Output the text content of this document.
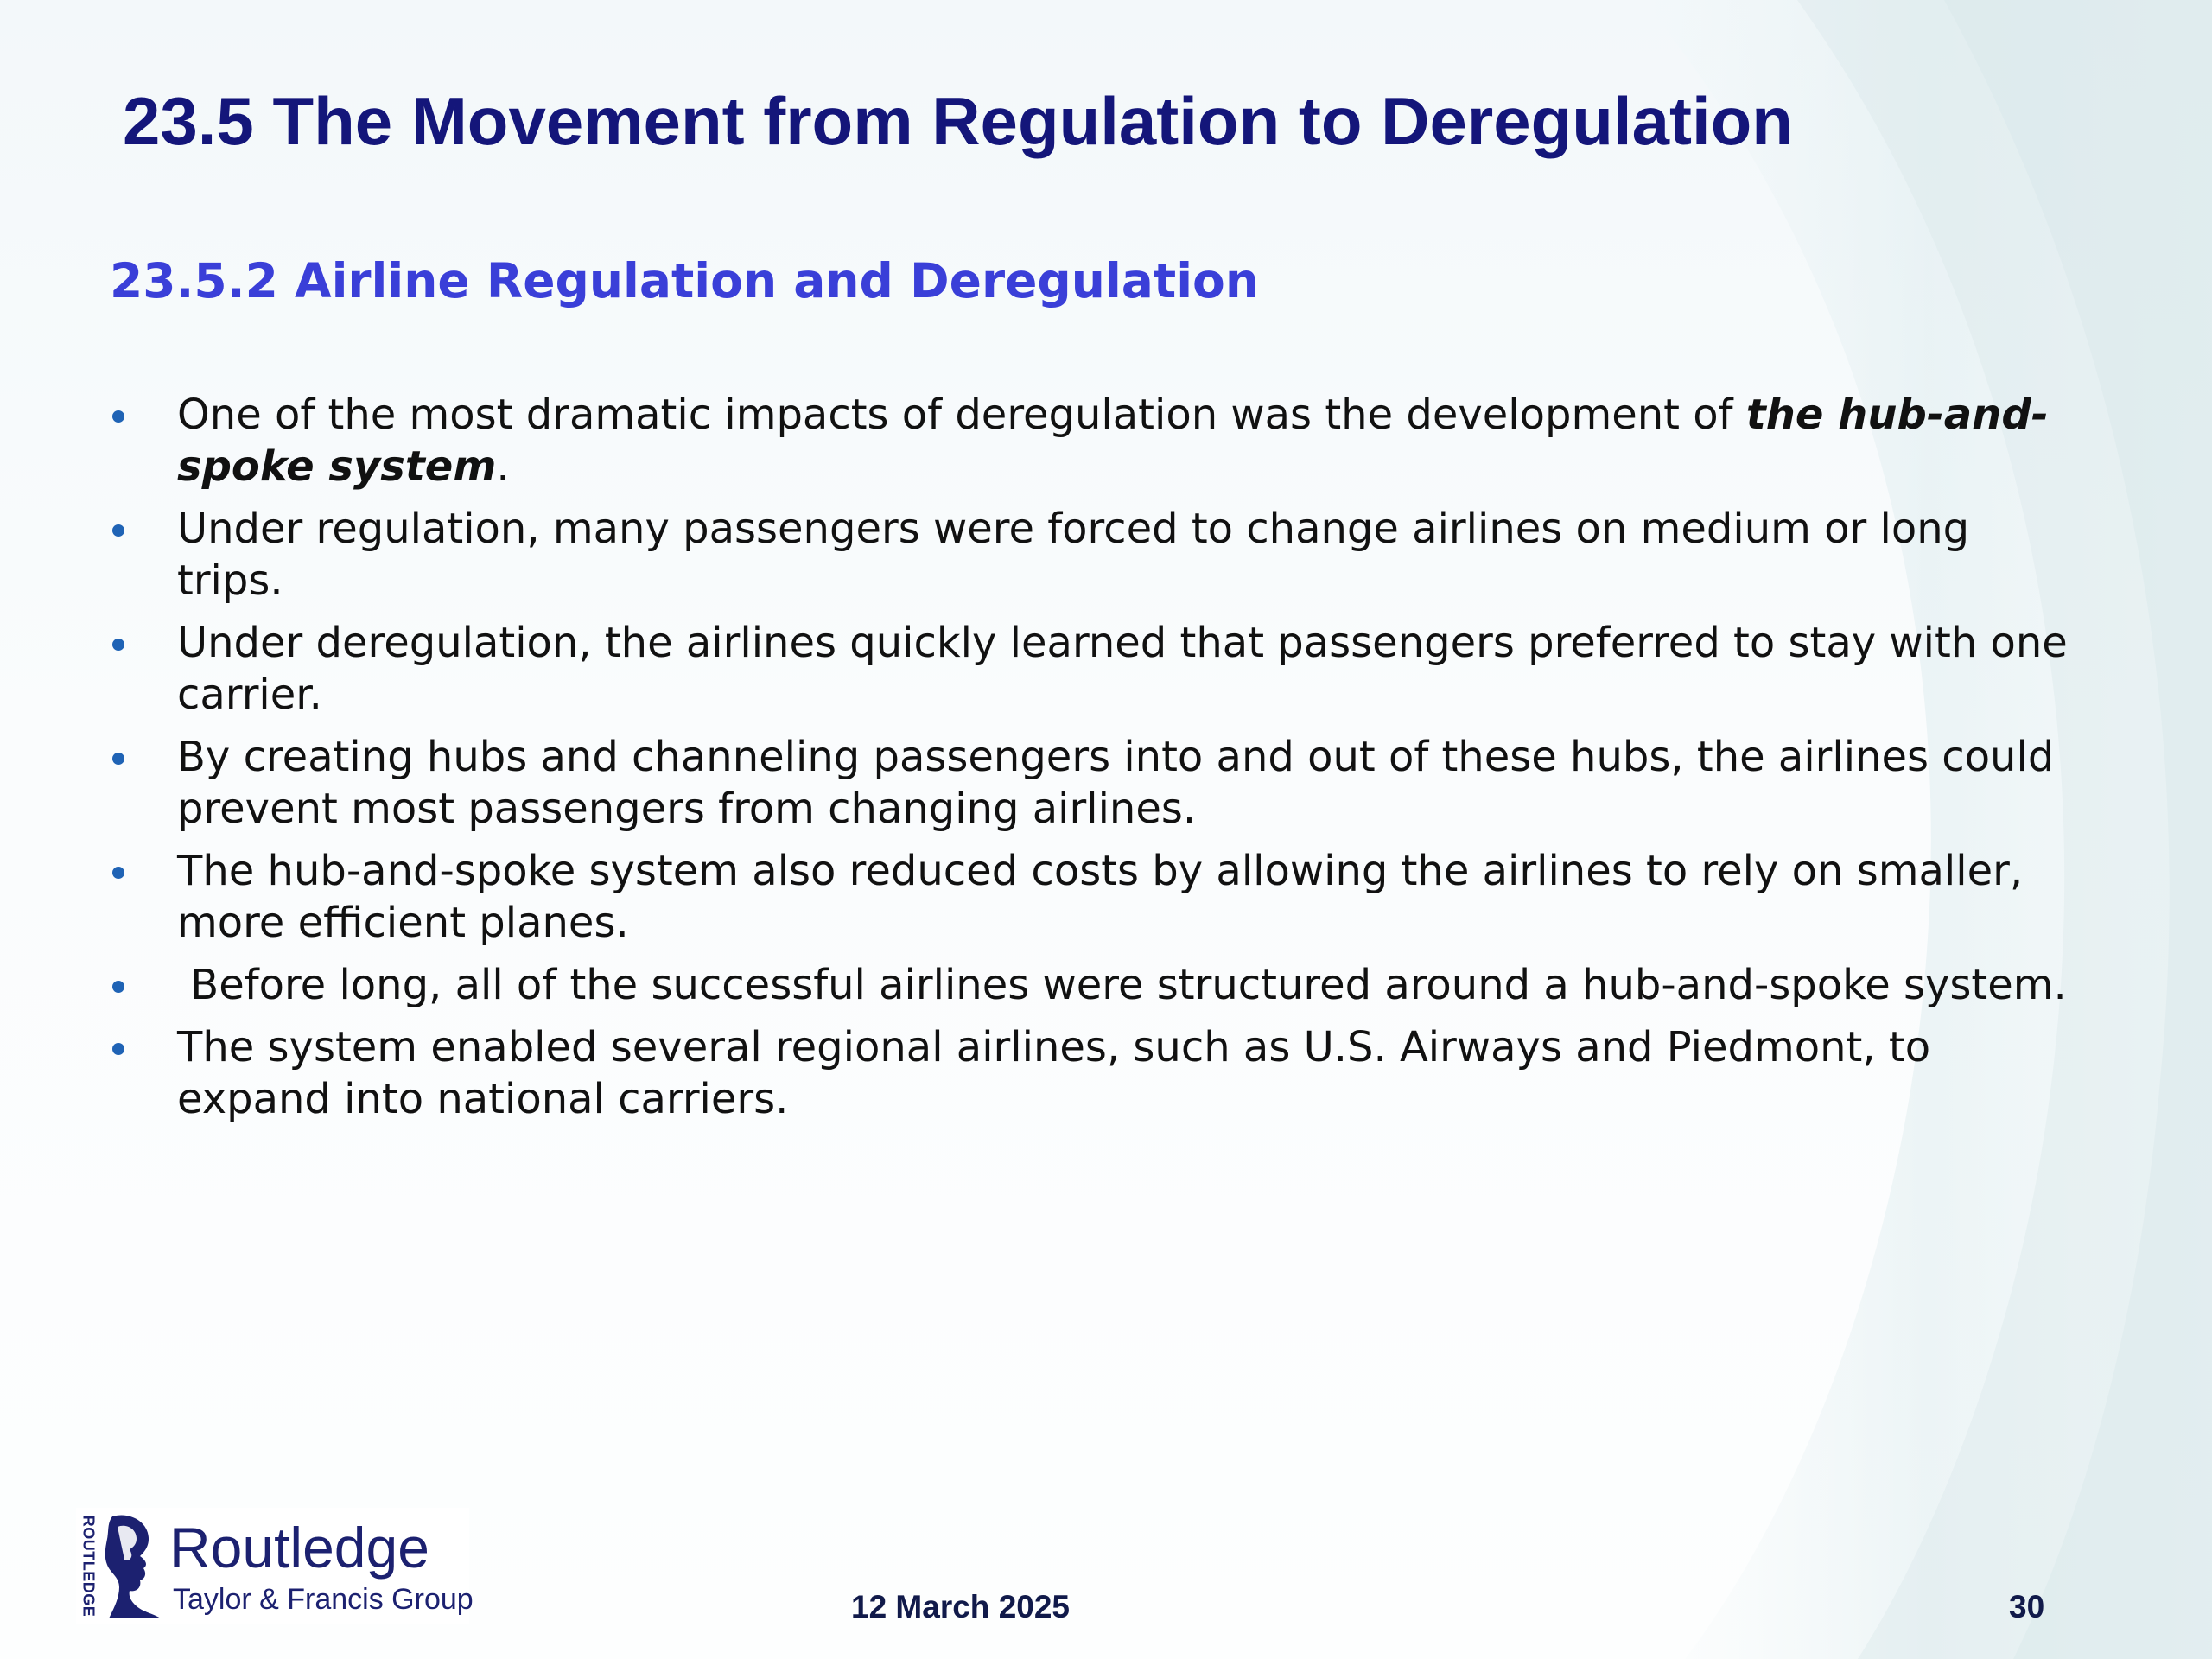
23.5 The Movement from Regulation to Deregulation
23.5.2 Airline Regulation and Deregulation
One of the most dramatic impacts of deregulation was the development of the hub-and-spoke system.
Under regulation, many passengers were forced to change airlines on medium or long trips.
Under deregulation, the airlines quickly learned that passengers preferred to stay with one carrier.
By creating hubs and channeling passengers into and out of these hubs, the airlines could prevent most passengers from changing airlines.
The hub-and-spoke system also reduced costs by allowing the airlines to rely on smaller, more efficient planes.
Before long, all of the successful airlines were structured around a hub-and-spoke system.
The system enabled several regional airlines, such as U.S. Airways and Piedmont, to expand into national carriers.
ROUTLEDGE Routledge
Taylor & Francis Group	12 March 2025	30
